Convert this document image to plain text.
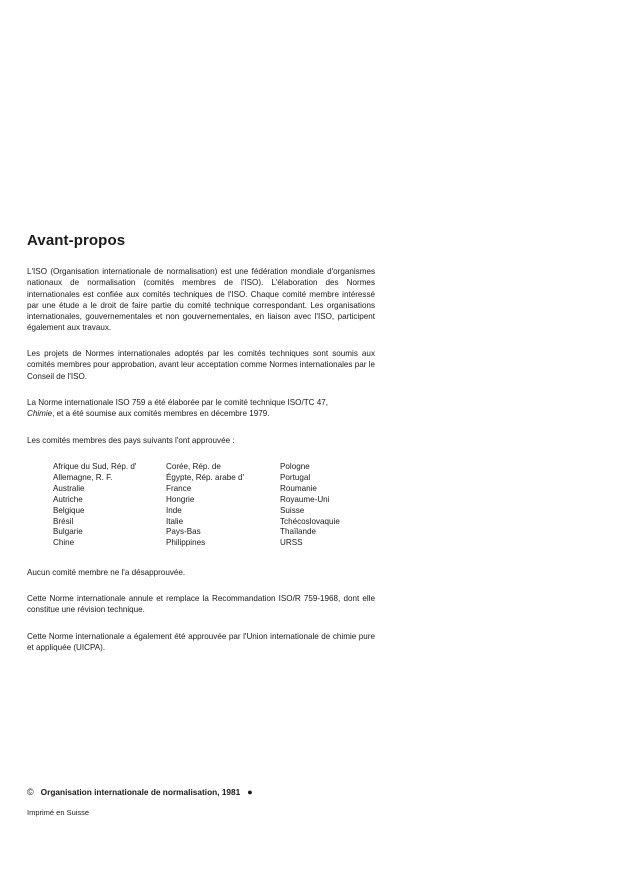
Avant-propos

L'ISO (Organisation internationale de normalisation) est une fédération mondiale d'organismes nationaux de normalisation (comités membres de l'ISO). L'élaboration des Normes internationales est confiée aux comités techniques de l'ISO. Chaque comité membre intéressé par une étude a le droit de faire partie du comité technique correspondant. Les organisations internationales, gouvernementales et non gouvernementales, en liaison avec l'ISO, participent également aux travaux.

Les projets de Normes internationales adoptés par les comités techniques sont soumis aux comités membres pour approbation, avant leur acceptation comme Normes internationales par le Conseil de l'ISO.

La Norme internationale ISO 759 a été élaborée par le comité technique ISO/TC 47,
Chimie, et a été soumise aux comités membres en décembre 1979.

Les comités membres des pays suivants l'ont approuvée :

Afrique du Sud, Rép. d'
Allemagne, R. F.
Australie
Autriche
Belgique
Brésil
Bulgarie
Chine
Corée, Rép. de
Égypte, Rép. arabe d'
France
Hongrie
Inde
Italie
Pays-Bas
Philippines
Pologne
Portugal
Roumanie
Royaume-Uni
Suisse
Tchécoslovaquie
Thaïlande
URSS

Aucun comité membre ne l'a désapprouvée.

Cette Norme internationale annule et remplace la Recommandation ISO/R 759-1968, dont elle constitue une révision technique.

Cette Norme internationale a également été approuvée par l'Union internationale de chimie pure et appliquée (UICPA).

© Organisation internationale de normalisation, 1981 ●
Imprimé en Suisse
